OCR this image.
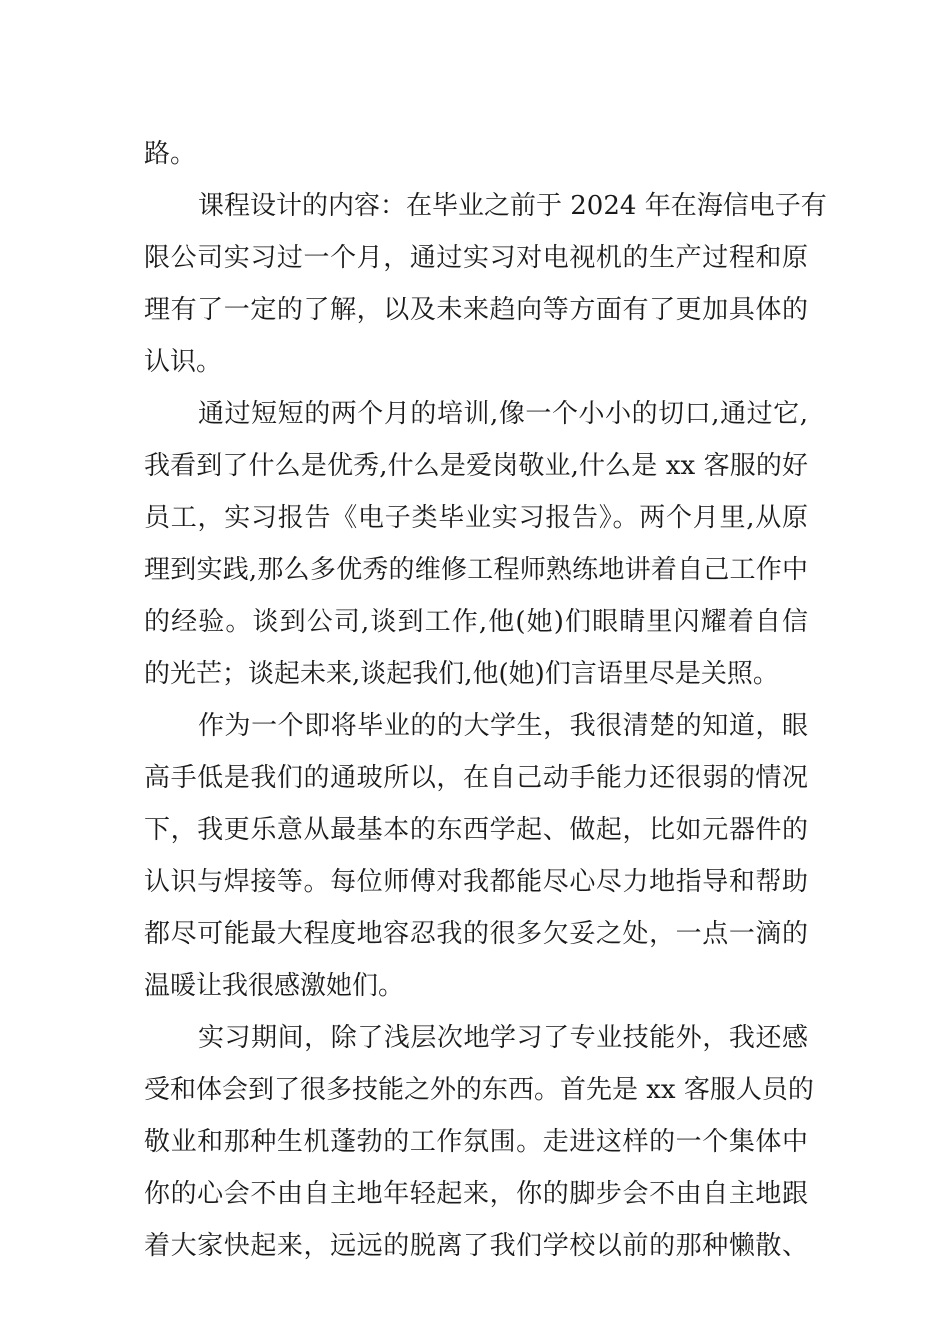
路。
课程设计的内容：在毕业之前于 2024 年在海信电子有
限公司实习过一个月，通过实习对电视机的生产过程和原
理有了一定的了解，以及未来趋向等方面有了更加具体的
认识。
通过短短的两个月的培训,像一个小小的切口,通过它,
我看到了什么是优秀,什么是爱岗敬业,什么是 xx 客服的好
员工，实习报告《电子类毕业实习报告》。两个月里,从原
理到实践,那么多优秀的维修工程师熟练地讲着自己工作中
的经验。谈到公司,谈到工作,他(她)们眼睛里闪耀着自信
的光芒；谈起未来,谈起我们,他(她)们言语里尽是关照。
作为一个即将毕业的的大学生，我很清楚的知道，眼
高手低是我们的通玻所以，在自己动手能力还很弱的情况
下，我更乐意从最基本的东西学起、做起，比如元器件的
认识与焊接等。每位师傅对我都能尽心尽力地指导和帮助
都尽可能最大程度地容忍我的很多欠妥之处，一点一滴的
温暖让我很感激她们。
实习期间，除了浅层次地学习了专业技能外，我还感
受和体会到了很多技能之外的东西。首先是 xx 客服人员的
敬业和那种生机蓬勃的工作氛围。走进这样的一个集体中
你的心会不由自主地年轻起来，你的脚步会不由自主地跟
着大家快起来，远远的脱离了我们学校以前的那种懒散、
